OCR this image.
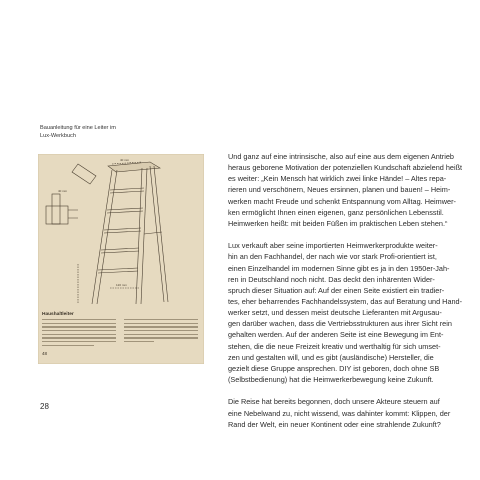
Bauanleitung für eine Leiter im
Lux-Werkbuch
40 mm
40 mm
120 mm
Haushaltleiter
48
Und ganz auf eine intrinsische, also auf eine aus dem eigenen Antrieb
heraus geborene Motivation der potenziellen Kundschaft abzielend heißt
es weiter: „Kein Mensch hat wirklich zwei linke Hände! – Altes repa-
rieren und verschönern, Neues ersinnen, planen und bauen! – Heim-
werken macht Freude und schenkt Entspannung vom Alltag. Heimwer-
ken ermöglicht Ihnen einen eigenen, ganz persönlichen Lebensstil.
Heimwerken heißt: mit beiden Füßen im praktischen Leben stehen.“
Lux verkauft aber seine importierten Heimwerkerprodukte weiter-
hin an den Fachhandel, der nach wie vor stark Profi-orientiert ist,
einen Einzelhandel im modernen Sinne gibt es ja in den 1950er-Jah-
ren in Deutschland noch nicht. Das deckt den inhärenten Wider-
spruch dieser Situation auf: Auf der einen Seite existiert ein tradier-
tes, eher beharrendes Fachhandelssystem, das auf Beratung und Hand-
werker setzt, und dessen meist deutsche Lieferanten mit Argusau-
gen darüber wachen, dass die Vertriebsstrukturen aus ihrer Sicht rein
gehalten werden. Auf der anderen Seite ist eine Bewegung im Ent-
stehen, die die neue Freizeit kreativ und werthaltig für sich umset-
zen und gestalten will, und es gibt (ausländische) Hersteller, die
gezielt diese Gruppe ansprechen. DIY ist geboren, doch ohne SB
(Selbstbedienung) hat die Heimwerkerbewegung keine Zukunft.
Die Reise hat bereits begonnen, doch unsere Akteure steuern auf
eine Nebelwand zu, nicht wissend, was dahinter kommt: Klippen, der
Rand der Welt, ein neuer Kontinent oder eine strahlende Zukunft?
28
